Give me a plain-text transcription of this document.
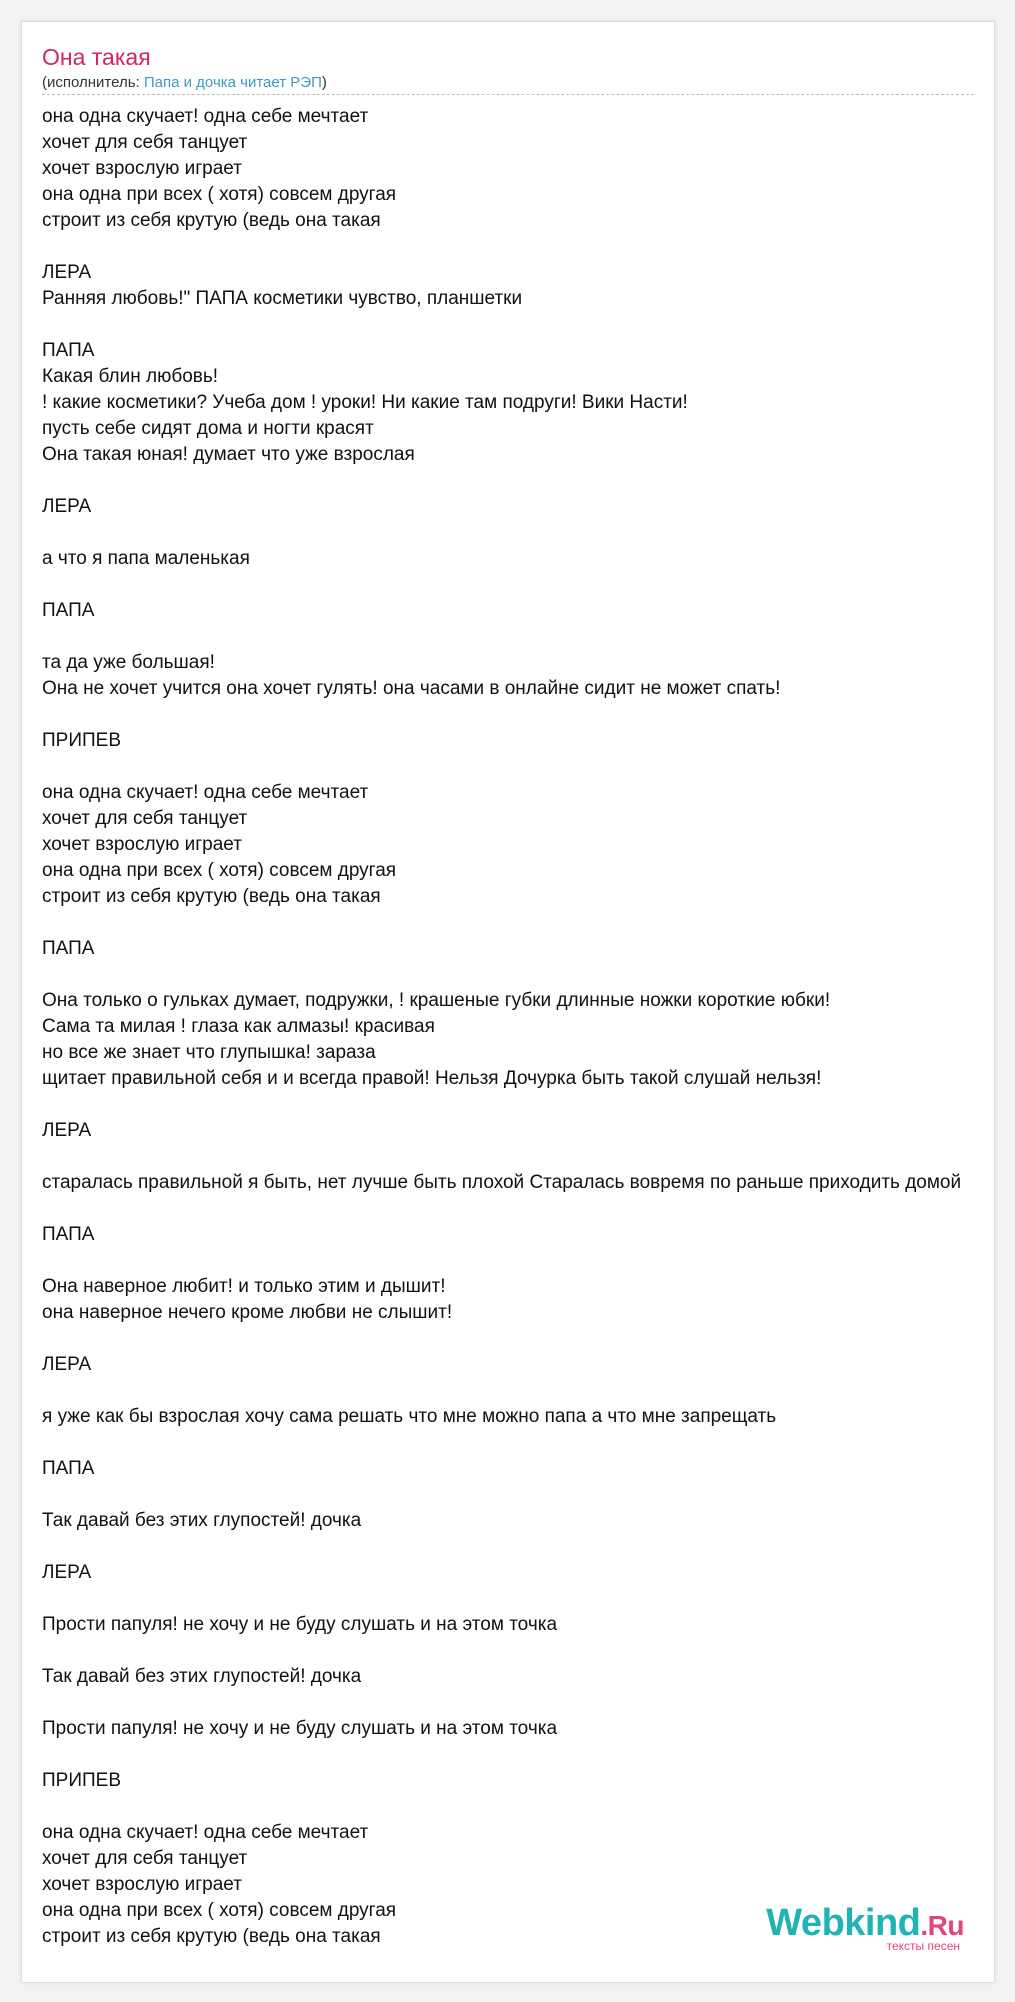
Она такая
(исполнитель: Папа и дочка читает РЭП)
она одна скучает! одна себе мечтает
хочет для себя танцует
хочет взрослую играет
она одна при всех ( хотя) совсем другая
строит из себя крутую (ведь она такая
ЛЕРА
Ранняя любовь!" ПАПА косметики чувство, планшетки
ПАПА
Какая блин любовь!
! какие косметики? Учеба дом ! уроки! Ни какие там подруги! Вики Насти!
пусть себе сидят дома и ногти красят
Она такая юная! думает что уже взрослая
ЛЕРА
а что я папа маленькая
ПАПА
та да уже большая!
Она не хочет учится она хочет гулять! она часами в онлайне сидит не может спать!
ПРИПЕВ
она одна скучает! одна себе мечтает
хочет для себя танцует
хочет взрослую играет
она одна при всех ( хотя) совсем другая
строит из себя крутую (ведь она такая
ПАПА
Она только о гульках думает, подружки, ! крашеные губки длинные ножки короткие юбки!
Сама та милая ! глаза как алмазы! красивая
но все же знает что глупышка! зараза
щитает правильной себя и и всегда правой! Нельзя Дочурка быть такой слушай нельзя!
ЛЕРА
старалась правильной я быть, нет лучше быть плохой Старалась вовремя по раньше приходить домой
ПАПА
Она наверное любит! и только этим и дышит!
она наверное нечего кроме любви не слышит!
ЛЕРА
я уже как бы взрослая хочу сама решать что мне можно папа а что мне запрещать
ПАПА
Так давай без этих глупостей! дочка
ЛЕРА
Прости папуля! не хочу и не буду слушать и на этом точка
Так давай без этих глупостей! дочка
Прости папуля! не хочу и не буду слушать и на этом точка
ПРИПЕВ
она одна скучает! одна себе мечтает
хочет для себя танцует
хочет взрослую играет
она одна при всех ( хотя) совсем другая
строит из себя крутую (ведь она такая	Webkind.Ru
тексты песен
